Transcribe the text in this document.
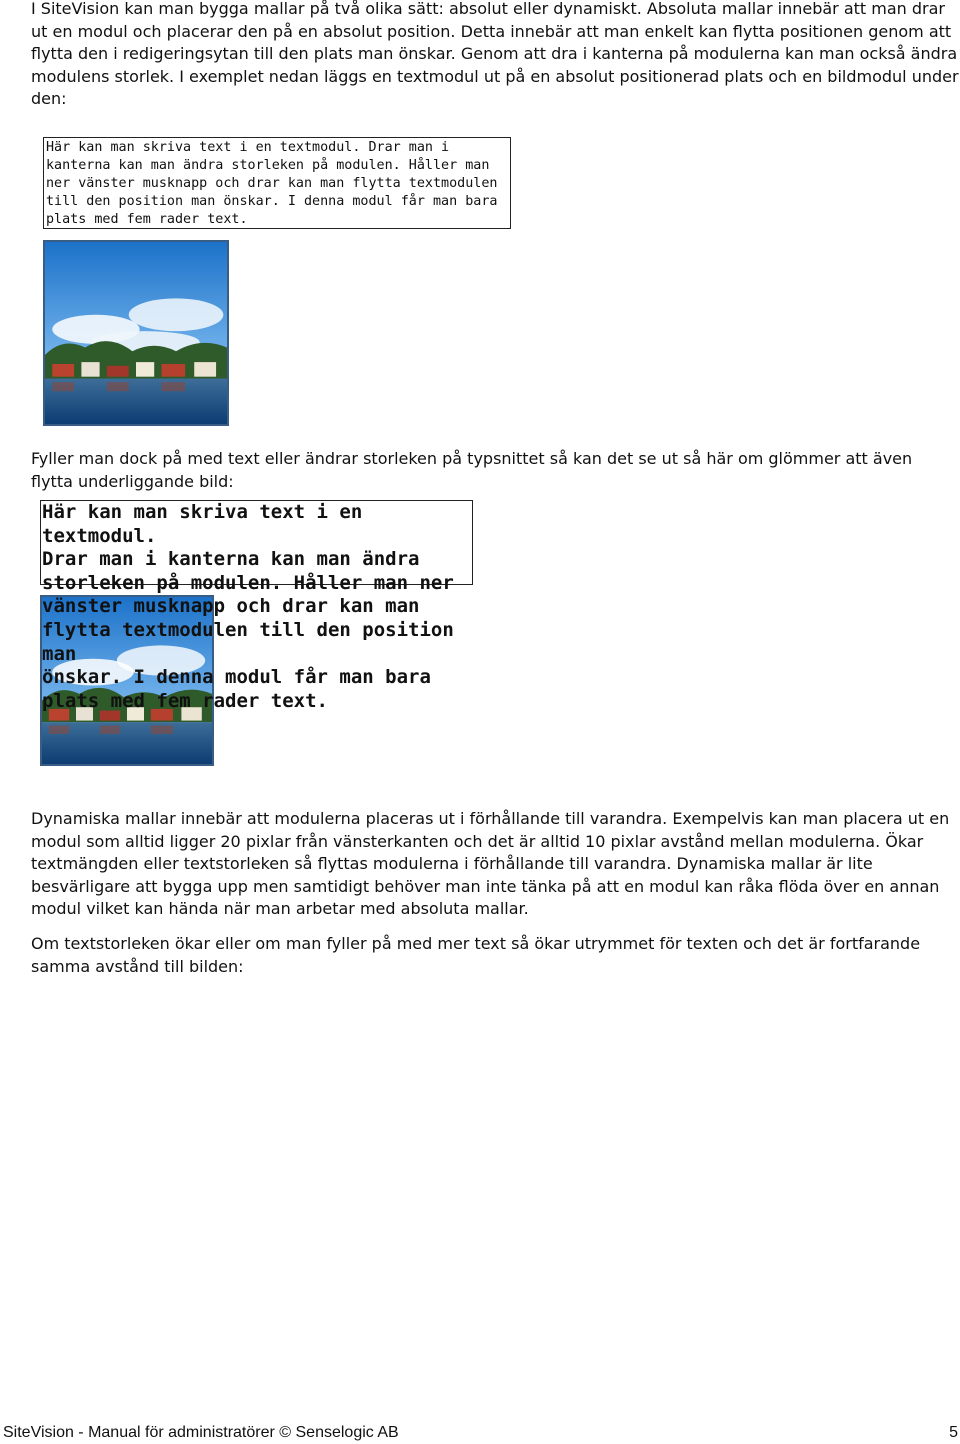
I SiteVision kan man bygga mallar på två olika sätt: absolut eller dynamiskt. Absoluta mallar innebär att man drar ut en modul och placerar den på en absolut position. Detta innebär att man enkelt kan flytta positionen genom att flytta den i redigeringsytan till den plats man önskar. Genom att dra i kanterna på modulerna kan man också ändra modulens storlek. I exemplet nedan läggs en textmodul ut på en absolut positionerad plats och en bildmodul under den:

Här kan man skriva text i en textmodul. Drar man i kanterna kan man ändra storleken på modulen. Håller man ner vänster musknapp och drar kan man flytta textmodulen till den position man önskar. I denna modul får man bara plats med fem rader text.

Fyller man dock på med text eller ändrar storleken på typsnittet så kan det se ut så här om glömmer att även flytta underliggande bild:

Här kan man skriva text i en textmodul.
Drar man i kanterna kan man ändra
storleken på modulen. Håller man ner
vänster musknapp och drar kan man
flytta textmodulen till den position man
önskar. I denna modul får man bara
plats med fem rader text.

Dynamiska mallar innebär att modulerna placeras ut i förhållande till varandra. Exempelvis kan man placera ut en modul som alltid ligger 20 pixlar från vänsterkanten och det är alltid 10 pixlar avstånd mellan modulerna. Ökar textmängden eller textstorleken så flyttas modulerna i förhållande till varandra. Dynamiska mallar är lite besvärligare att bygga upp men samtidigt behöver man inte tänka på att en modul kan råka flöda över en annan modul vilket kan hända när man arbetar med absoluta mallar.

Om textstorleken ökar eller om man fyller på med mer text så ökar utrymmet för texten och det är fortfarande samma avstånd till bilden:

SiteVision - Manual för administratörer © Senselogic AB	5
